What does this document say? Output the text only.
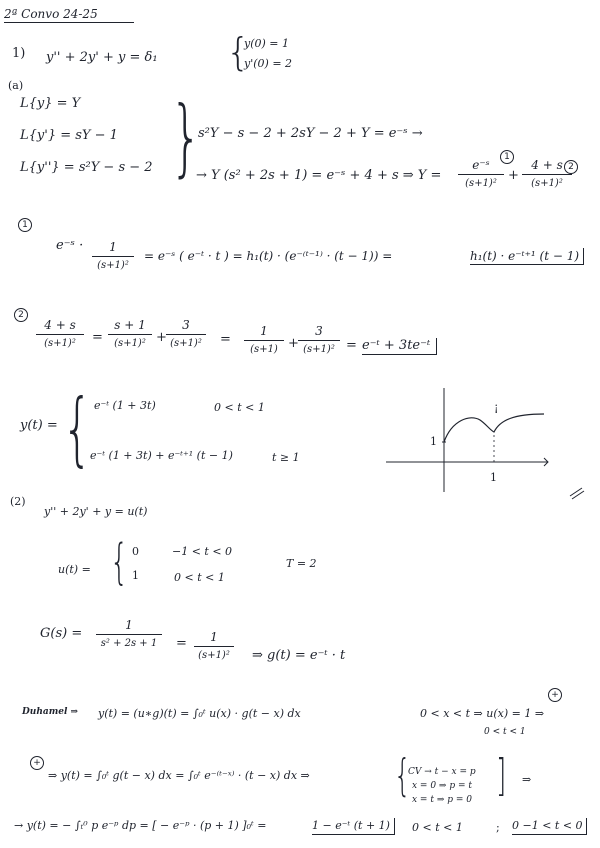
2ª Convo 24-25
1) y'' + 2y' + y = δ₁ {
y(0) = 1
y'(0) = 2
(a)
L{y} = Y
L{y'} = sY − 1
L{y''} = s²Y − s − 2 }
s²Y − s − 2 + 2sY − 2 + Y = e⁻ˢ →
→ Y (s² + 2s + 1) = e⁻ˢ + 4 + s ⇒ Y =
e⁻ˢ
(s+1)²
+
4 + s
(s+1)²
1
2
1
e⁻ˢ ·	1
(s+1)²
= e⁻ˢ ( e⁻ᵗ · t ) = h₁(t) · (e⁻⁽ᵗ⁻¹⁾ · (t − 1)) =	h₁(t) · e⁻ᵗ⁺¹ (t − 1)
2
4 + s
(s+1)²	=
s + 1
(s+1)² +
3
(s+1)²	=
1
(s+1) +
3
(s+1)² = e⁻ᵗ + 3te⁻ᵗ
y(t) = { e⁻ᵗ (1 + 3t)	0 < t < 1
e⁻ᵗ (1 + 3t) + e⁻ᵗ⁺¹ (t − 1)	t ≥ 1
1
1
¡
(2)
y'' + 2y' + y = u(t)
u(t) = { 0	−1 < t < 0
1	0 < t < 1
T = 2
G(s) =
1
s² + 2s + 1	=	1
(s+1)²	⇒ g(t) = e⁻ᵗ · t
Duhamel ⇒ y(t) = (u∗g)(t) = ∫₀ᵗ u(x) · g(t − x) dx	0 < x < t ⇒ u(x) = 1 ⇒
0 < t < 1
+
+
⇒ y(t) = ∫₀ᵗ g(t − x) dx = ∫₀ᵗ e⁻⁽ᵗ⁻ˣ⁾ · (t − x) dx ⇒ {
CV → t − x = p
x = 0 ⇒ p = t
x = t ⇒ p = 0 ] ⇒
→ y(t) = − ∫ₜ⁰ p e⁻ᵖ dp = [ − e⁻ᵖ · (p + 1) ]₀ᵗ =	1 − e⁻ᵗ (t + 1)	0 < t < 1	; 0 −1 < t < 0
